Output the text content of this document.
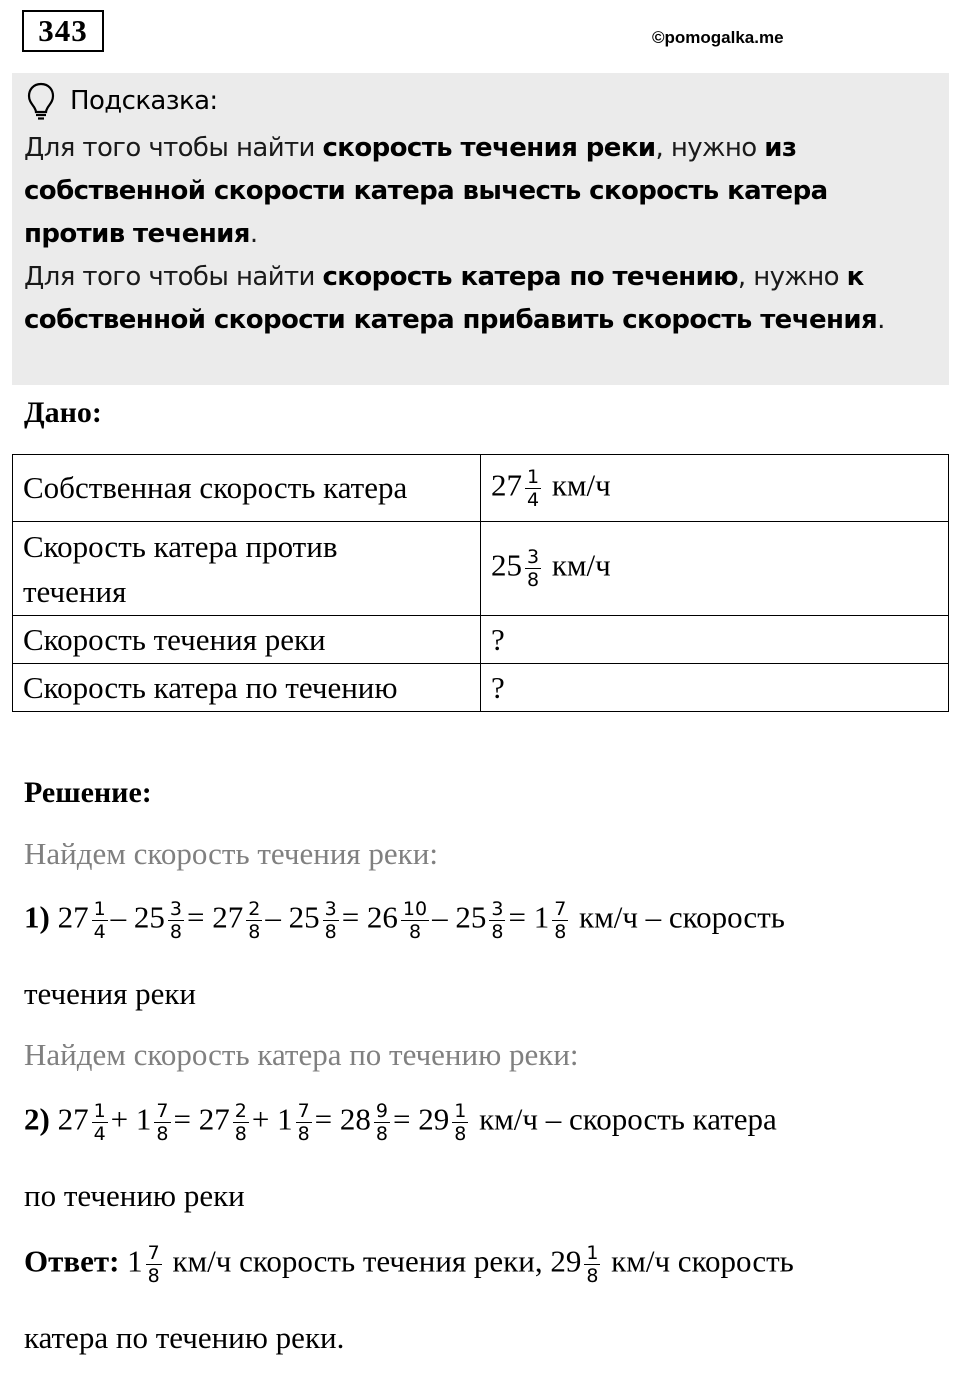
343	©pomogalka.me
Подсказка:
Для того чтобы найти скорость течения реки, нужно из
собственной скорости катера вычесть скорость катера
против течения.
Для того чтобы найти скорость катера по течению, нужно к
собственной скорости катера прибавить скорость течения.
Дано:
Собственная скорость катера	$27 \frac{1}{4} км/ч$
Скорость катера против
течения	$25 \frac{3}{8} км/ч$
Скорость течения реки	?
Скорость катера по течению	?
Решение:
Найдем скорость течения реки:
1) $27 \frac{1}{4} - 25 \frac{3}{8} = 27 \frac{2}{8} - 25 \frac{3}{8} = 26 \frac{10}{8} - 25 \frac{3}{8} = 1 \frac{7}{8} км/ч$ – скорость
течения реки
Найдем скорость катера по течению реки:
2) $27 \frac{1}{4} + 1 \frac{7}{8} = 27 \frac{2}{8} + 1 \frac{7}{8} = 28 \frac{9}{8} = 29 \frac{1}{8} км/ч$ – скорость катера
по течению реки
Ответ: $1 \frac{7}{8} км/ч$ скорость течения реки, $29 \frac{1}{8} км/ч$ скорость
катера по течению реки.
